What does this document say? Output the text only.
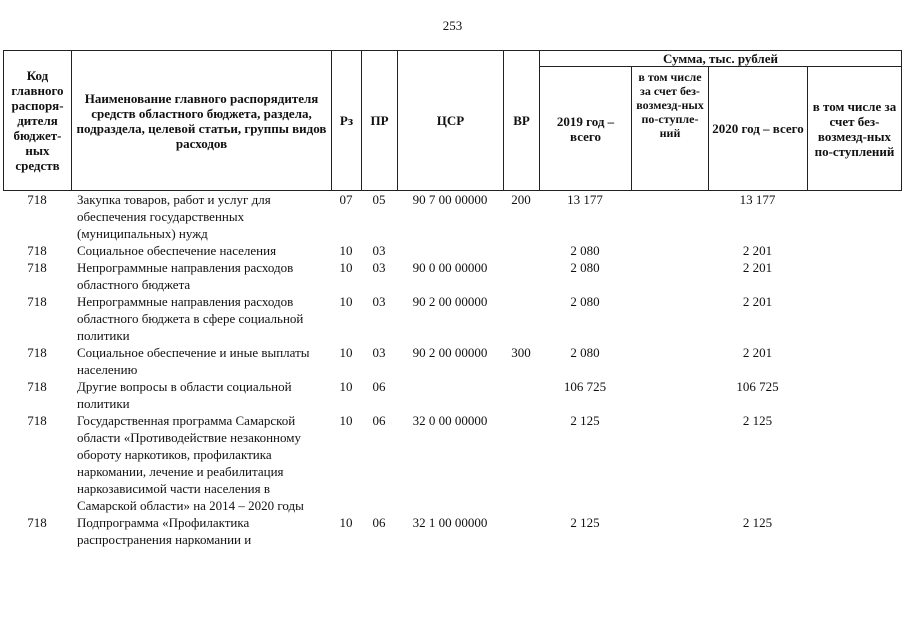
253
Код главного распоря-дителя бюджет-ных средств	Наименование главного распорядителя средств областного бюджета, раздела, подраздела, целевой статьи, группы видов расходов	Рз	ПР	ЦСР	ВР	Сумма, тыс. рублей			
						2019 год – всего	в том числе за счет без-возмезд-ных по-ступле-ний	2020 год – всего	в том числе за счет без-возмезд-ных по-ступлений
718	Закупка товаров, работ и услуг для обеспечения государственных (муниципальных) нужд	07	05	90 7 00 00000	200	13 177		13 177	
718	Социальное обеспечение населения	10	03			2 080		2 201	
718	Непрограммные направления расходов областного бюджета	10	03	90 0 00 00000		2 080		2 201	
718	Непрограммные направления расходов областного бюджета в сфере социальной политики	10	03	90 2 00 00000		2 080		2 201	
718	Социальное обеспечение и иные выплаты населению	10	03	90 2 00 00000	300	2 080		2 201	
718	Другие вопросы в области социальной политики	10	06			106 725		106 725	
718	Государственная программа Самарской области «Противодействие незаконному обороту наркотиков, профилактика наркомании, лечение и реабилитация наркозависимой части населения в Самарской области» на 2014 – 2020 годы	10	06	32 0 00 00000		2 125		2 125	
718	Подпрограмма «Профилактика распространения наркомании и	10	06	32 1 00 00000		2 125		2 125	
